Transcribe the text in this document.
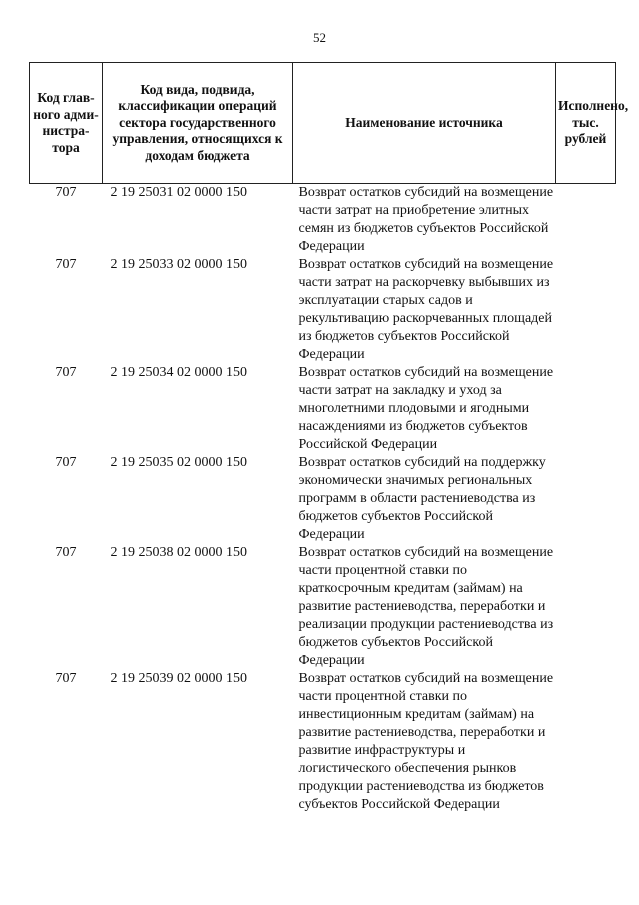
52
Код глав-ного адми-нистра-тора	Код вида, подвида, классификации операций сектора государственного управления, относящихся к доходам бюджета	Наименование источника	Исполнено, тыс. рублей
707	2 19 25031 02 0000 150	Возврат остатков субсидий на возмещение части затрат на приобретение элитных семян из бюджетов субъектов Российской Федерации	
707	2 19 25033 02 0000 150	Возврат остатков субсидий на возмещение части затрат на раскорчевку выбывших из эксплуатации старых садов и рекультивацию раскорчеванных площадей из бюджетов субъектов Российской Федерации	
707	2 19 25034 02 0000 150	Возврат остатков субсидий на возмещение части затрат на закладку и уход за многолетними плодовыми и ягодными насаждениями из бюджетов субъектов Российской Федерации	
707	2 19 25035 02 0000 150	Возврат остатков субсидий на поддержку экономически значимых региональных программ в области растениеводства из бюджетов субъектов Российской Федерации	
707	2 19 25038 02 0000 150	Возврат остатков субсидий на возмещение части процентной ставки по краткосрочным кредитам (займам) на развитие растениеводства, переработки и реализации продукции растениеводства из бюджетов субъектов Российской Федерации	
707	2 19 25039 02 0000 150	Возврат остатков субсидий на возмещение части процентной ставки по инвестиционным кредитам (займам) на развитие растениеводства, переработки и развитие инфраструктуры и логистического обеспечения рынков продукции растениеводства из бюджетов субъектов Российской Федерации	
